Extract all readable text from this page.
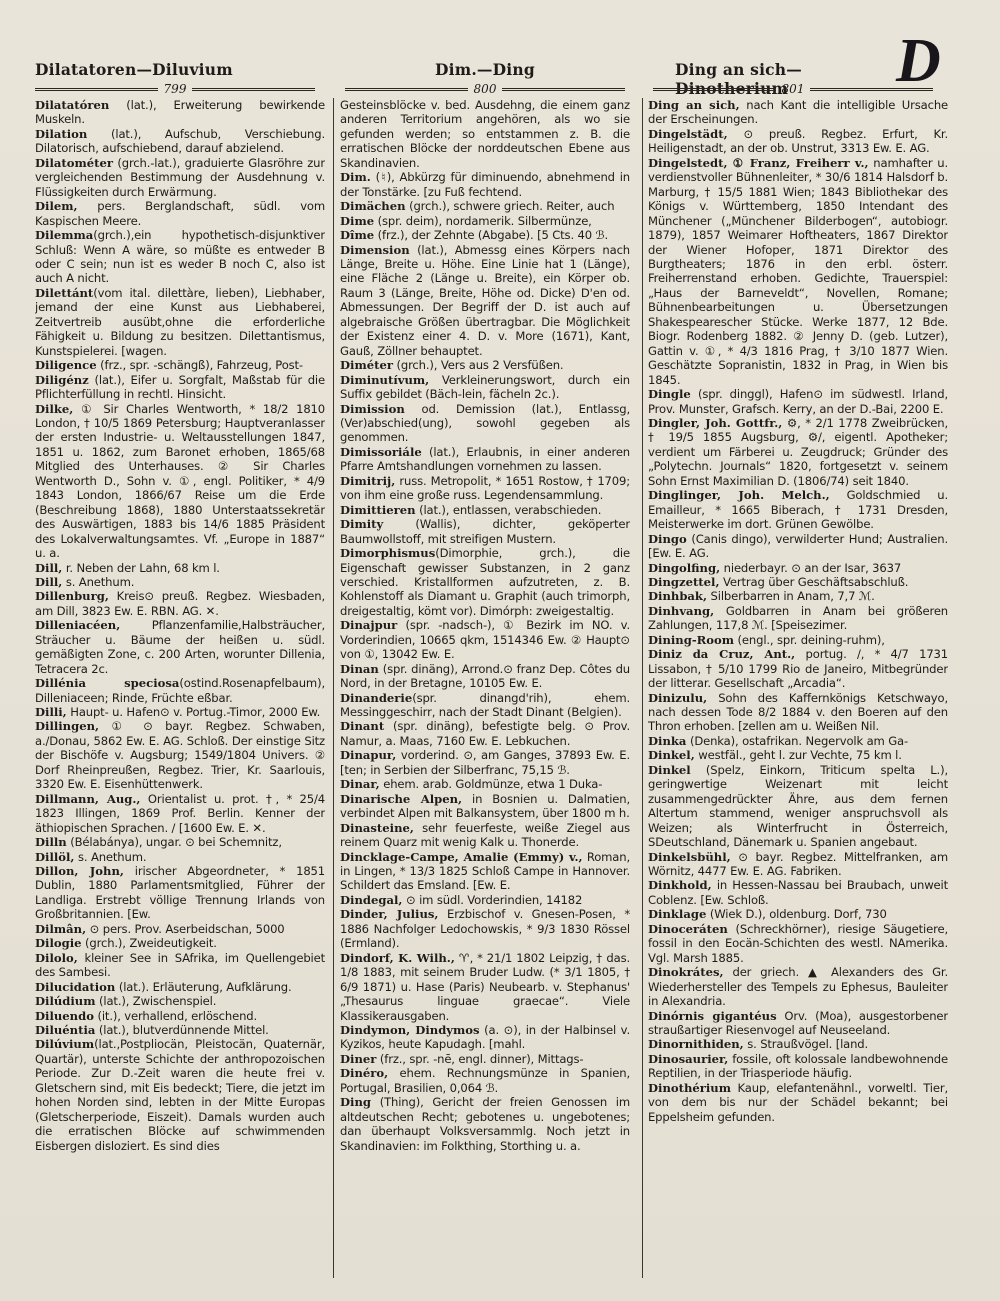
Dilatatoren—Diluvium	Dim.—Ding	Ding an sich—Dinotherium	D
799	800	801

Dilatatóren (lat.), Erweiterung bewirkende Muskeln.

Dilation (lat.), Aufschub, Verschiebung. Dilatorisch, aufschiebend, darauf abzielend.

Dilatométer (grch.-lat.), graduierte Glasröhre zur vergleichenden Bestimmung der Ausdehnung v. Flüssigkeiten durch Erwärmung.

Dilem, pers. Berglandschaft, südl. vom Kaspischen Meere.

Dilemma(grch.),ein hypothetisch-disjunktiver Schluß: Wenn A wäre, so müßte es entweder B oder C sein; nun ist es weder B noch C, also ist auch A nicht.

Dilettánt(vom ital. dilettàre, lieben), Liebhaber, jemand der eine Kunst aus Liebhaberei, Zeitvertreib ausübt,ohne die erforderliche Fähigkeit u. Bildung zu besitzen. Dilettantismus, Kunstspielerei. [wagen.

Diligence (frz., spr. -schängß), Fahrzeug, Post-

Diligénz (lat.), Eifer u. Sorgfalt, Maßstab für die Pflichterfüllung in rechtl. Hinsicht.

Dilke, ① Sir Charles Wentworth, * 18/2 1810 London, † 10/5 1869 Petersburg; Hauptveranlasser der ersten Industrie- u. Weltausstellungen 1847, 1851 u. 1862, zum Baronet erhoben, 1865/68 Mitglied des Unterhauses. ② Sir Charles Wentworth D., Sohn v. ①, engl. Politiker, * 4/9 1843 London, 1866/67 Reise um die Erde (Beschreibung 1868), 1880 Unterstaatssekretär des Auswärtigen, 1883 bis 14/6 1885 Präsident des Lokalverwaltungsamtes. Vf. „Europe in 1887“ u. a.

Dill, r. Neben der Lahn, 68 km l.

Dill, s. Anethum.

Dillenburg, Kreis⊙ preuß. Regbez. Wiesbaden, am Dill, 3823 Ew. E. RBN. AG. ✕.

Dilleniacéen, Pflanzenfamilie,Halbsträucher, Sträucher u. Bäume der heißen u. südl. gemäßigten Zone, c. 200 Arten, worunter Dillenia, Tetracera 2c.

Dillénia speciosa(ostind.Rosenapfelbaum), Dilleniaceen; Rinde, Früchte eßbar.

Dilli, Haupt- u. Hafen⊙ v. Portug.-Timor, 2000 Ew.

Dillingen, ① ⊙ bayr. Regbez. Schwaben, a./Donau, 5862 Ew. E. AG. Schloß. Der einstige Sitz der Bischöfe v. Augsburg; 1549/1804 Univers. ② Dorf Rheinpreußen, Regbez. Trier, Kr. Saarlouis, 3320 Ew. E. Eisenhüttenwerk.

Dillmann, Aug., Orientalist u. prot. †, * 25/4 1823 Illingen, 1869 Prof. Berlin. Kenner der äthiopischen Sprachen. / [1600 Ew. E. ✕.

Dilln (Bélabánya), ungar. ⊙ bei Schemnitz,

Dillöl, s. Anethum.

Dillon, John, irischer Abgeordneter, * 1851 Dublin, 1880 Parlamentsmitglied, Führer der Landliga. Erstrebt völlige Trennung Irlands von Großbritannien. [Ew.

Dilmân, ⊙ pers. Prov. Aserbeidschan, 5000

Dilogie (grch.), Zweideutigkeit.

Dilolo, kleiner See in SAfrika, im Quellengebiet des Sambesi.

Dilucidation (lat.). Erläuterung, Aufklärung.

Dilúdium (lat.), Zwischenspiel.

Diluendo (it.), verhallend, erlöschend.

Diluéntia (lat.), blutverdünnende Mittel.

Dilúvium(lat.,Postpliocän, Pleistocän, Quaternär, Quartär), unterste Schichte der anthropozoischen Periode. Zur D.-Zeit waren die heute frei v. Gletschern sind, mit Eis bedeckt; Tiere, die jetzt im hohen Norden sind, lebten in der Mitte Europas (Gletscherperiode, Eiszeit). Damals wurden auch die erratischen Blöcke auf schwimmenden Eisbergen disloziert. Es sind dies

Gesteinsblöcke v. bed. Ausdehng, die einem ganz anderen Territorium angehören, als wo sie gefunden werden; so entstammen z. B. die erratischen Blöcke der norddeutschen Ebene aus Skandinavien.

Dim. (♮), Abkürzg für diminuendo, abnehmend in der Tonstärke. [zu Fuß fechtend.

Dimächen (grch.), schwere griech. Reiter, auch

Dime (spr. deim), nordamerik. Silbermünze,

Dîme (frz.), der Zehnte (Abgabe). [5 Cts. 40 ℬ.

Dimension (lat.), Abmessg eines Körpers nach Länge, Breite u. Höhe. Eine Linie hat 1 (Länge), eine Fläche 2 (Länge u. Breite), ein Körper ob. Raum 3 (Länge, Breite, Höhe od. Dicke) D'en od. Abmessungen. Der Begriff der D. ist auch auf algebraische Größen übertragbar. Die Möglichkeit der Existenz einer 4. D. v. More (1671), Kant, Gauß, Zöllner behauptet.

Diméter (grch.), Vers aus 2 Versfüßen.

Diminutívum, Verkleinerungswort, durch ein Suffix gebildet (Bäch-lein, fächeln 2c.).

Dimission od. Demission (lat.), Entlassg, (Ver)abschied(ung), sowohl gegeben als genommen.

Dimissoriále (lat.), Erlaubnis, in einer anderen Pfarre Amtshandlungen vornehmen zu lassen.

Dimitrij, russ. Metropolit, * 1651 Rostow, † 1709; von ihm eine große russ. Legendensammlung.

Dimittieren (lat.), entlassen, verabschieden.

Dimity (Wallis), dichter, geköperter Baumwollstoff, mit streifigen Mustern.

Dimorphismus(Dimorphie, grch.), die Eigenschaft gewisser Substanzen, in 2 ganz verschied. Kristallformen aufzutreten, z. B. Kohlenstoff als Diamant u. Graphit (auch trimorph, dreigestaltig, kömt vor). Dimórph: zweigestaltig.

Dinajpur (spr. -nadsch-), ① Bezirk im NO. v. Vorderindien, 10665 qkm, 1514346 Ew. ② Haupt⊙ von ①, 13042 Ew. E.

Dinan (spr. dinäng), Arrond.⊙ franz Dep. Côtes du Nord, in der Bretagne, 10105 Ew. E.

Dinanderie(spr. dinangd'rih), ehem. Messinggeschirr, nach der Stadt Dinant (Belgien).

Dinant (spr. dinäng), befestigte belg. ⊙ Prov. Namur, a. Maas, 7160 Ew. E. Lebkuchen.

Dinapur, vorderind. ⊙, am Ganges, 37893 Ew. E. [ten; in Serbien der Silberfranc, 75,15 ℬ.

Dinar, ehem. arab. Goldmünze, etwa 1 Duka-

Dinarische Alpen, in Bosnien u. Dalmatien, verbindet Alpen mit Balkansystem, über 1800 m h.

Dinasteine, sehr feuerfeste, weiße Ziegel aus reinem Quarz mit wenig Kalk u. Thonerde.

Dincklage-Campe, Amalie (Emmy) v., Roman, in Lingen, * 13/3 1825 Schloß Campe in Hannover. Schildert das Emsland. [Ew. E.

Dindegal, ⊙ im südl. Vorderindien, 14182

Dinder, Julius, Erzbischof v. Gnesen-Posen, * 1886 Nachfolger Ledochowskis, * 9/3 1830 Rössel (Ermland).

Dindorf, K. Wilh., ♈, * 21/1 1802 Leipzig, † das. 1/8 1883, mit seinem Bruder Ludw. (* 3/1 1805, † 6/9 1871) u. Hase (Paris) Neubearb. v. Stephanus' „Thesaurus linguae graecae“. Viele Klassikerausgaben.

Dindymon, Dindymos (a. ⊙), in der Halbinsel v. Kyzikos, heute Kapudagh. [mahl.

Diner (frz., spr. -nē, engl. dinner), Mittags-

Dinéro, ehem. Rechnungsmünze in Spanien, Portugal, Brasilien, 0,064 ℬ.

Ding (Thing), Gericht der freien Genossen im altdeutschen Recht; gebotenes u. ungebotenes; dan überhaupt Volksversammlg. Noch jetzt in Skandinavien: im Folkthing, Storthing u. a.

Ding an sich, nach Kant die intelligible Ursache der Erscheinungen.

Dingelstädt, ⊙ preuß. Regbez. Erfurt, Kr. Heiligenstadt, an der ob. Unstrut, 3313 Ew. E. AG.

Dingelstedt, ① Franz, Freiherr v., namhafter u. verdienstvoller Bühnenleiter, * 30/6 1814 Halsdorf b. Marburg, † 15/5 1881 Wien; 1843 Bibliothekar des Königs v. Württemberg, 1850 Intendant des Münchener („Münchener Bilderbogen“, autobiogr. 1879), 1857 Weimarer Hoftheaters, 1867 Direktor der Wiener Hofoper, 1871 Direktor des Burgtheaters; 1876 in den erbl. österr. Freiherrenstand erhoben. Gedichte, Trauerspiel: „Haus der Barneveldt“, Novellen, Romane; Bühnenbearbeitungen u. Übersetzungen Shakespearescher Stücke. Werke 1877, 12 Bde. Biogr. Rodenberg 1882. ② Jenny D. (geb. Lutzer), Gattin v. ①, * 4/3 1816 Prag, † 3/10 1877 Wien. Geschätzte Sopranistin, 1832 in Prag, in Wien bis 1845.

Dingle (spr. dinggl), Hafen⊙ im südwestl. Irland, Prov. Munster, Grafsch. Kerry, an der D.-Bai, 2200 E.

Dingler, Joh. Gottfr., ⚙, * 2/1 1778 Zweibrücken, † 19/5 1855 Augsburg, ⚙/, eigentl. Apotheker; verdient um Färberei u. Zeugdruck; Gründer des „Polytechn. Journals“ 1820, fortgesetzt v. seinem Sohn Ernst Maximilian D. (1806/74) seit 1840.

Dinglinger, Joh. Melch., Goldschmied u. Emailleur, * 1665 Biberach, † 1731 Dresden, Meisterwerke im dort. Grünen Gewölbe.

Dingo (Canis dingo), verwilderter Hund; Australien. [Ew. E. AG.

Dingolfing, niederbayr. ⊙ an der Isar, 3637

Dingzettel, Vertrag über Geschäftsabschluß.

Dinhbak, Silberbarren in Anam, 7,7 ℳ.

Dinhvang, Goldbarren in Anam bei größeren Zahlungen, 117,8 ℳ. [Speisezimer.

Dining-Room (engl., spr. deining-ruhm),

Diniz da Cruz, Ant., portug. /, * 4/7 1731 Lissabon, † 5/10 1799 Rio de Janeiro, Mitbegründer der litterar. Gesellschaft „Arcadia“.

Dinizulu, Sohn des Kaffernkönigs Ketschwayo, nach dessen Tode 8/2 1884 v. den Boeren auf den Thron erhoben. [zellen am u. Weißen Nil.

Dinka (Denka), ostafrikan. Negervolk am Ga-

Dinkel, westfäl., geht l. zur Vechte, 75 km l.

Dinkel (Spelz, Einkorn, Triticum spelta L.), geringwertige Weizenart mit leicht zusammengedrückter Ähre, aus dem fernen Altertum stammend, weniger anspruchsvoll als Weizen; als Winterfrucht in Österreich, SDeutschland, Dänemark u. Spanien angebaut.

Dinkelsbühl, ⊙ bayr. Regbez. Mittelfranken, am Wörnitz, 4477 Ew. E. AG. Fabriken.

Dinkhold, in Hessen-Nassau bei Braubach, unweit Coblenz. [Ew. Schloß.

Dinklage (Wiek D.), oldenburg. Dorf, 730

Dinoceráten (Schreckhörner), riesige Säugetiere, fossil in den Eocän-Schichten des westl. NAmerika. Vgl. Marsh 1885.

Dinokrátes, der griech. ▲ Alexanders des Gr. Wiederhersteller des Tempels zu Ephesus, Bauleiter in Alexandria.

Dinórnis gigantéus Orv. (Moa), ausgestorbener straußartiger Riesenvogel auf Neuseeland.

Dinornithiden, s. Straußvögel. [land.

Dinosaurier, fossile, oft kolossale landbewohnende Reptilien, in der Triasperiode häufig.

Dinothérium Kaup, elefantenähnl., vorweltl. Tier, von dem bis nur der Schädel bekannt; bei Eppelsheim gefunden.
